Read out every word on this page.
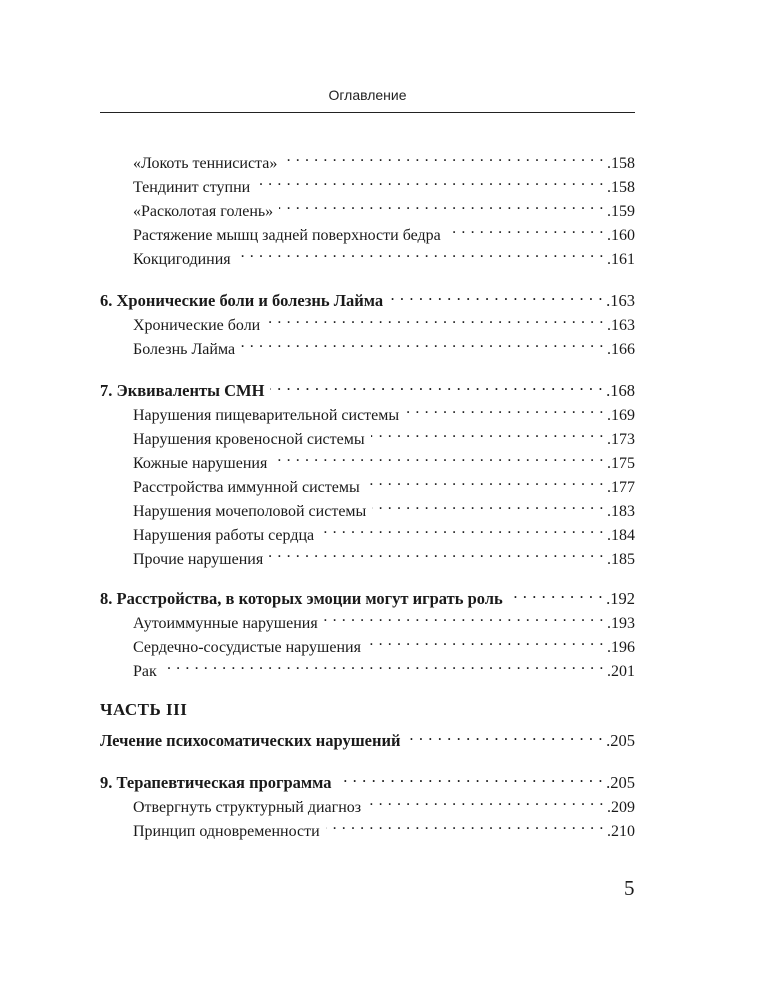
Оглавление
«Локоть теннисиста» . . .	.158
Тендинит ступни . . .	.158
«Расколотая голень» . . .	.159
Растяжение мышц задней поверхности бедра . . .	.160
Кокцигодиния . . .	.161
6. Хронические боли и болезнь Лайма . . .	.163
Хронические боли . . .	.163
Болезнь Лайма . . .	.166
7. Эквиваленты СМН . . .	.168
Нарушения пищеварительной системы . . .	.169
Нарушения кровеносной системы . . .	.173
Кожные нарушения . . .	.175
Расстройства иммунной системы . . .	.177
Нарушения мочеполовой системы . . .	.183
Нарушения работы сердца . . .	.184
Прочие нарушения . . .	.185
8. Расстройства, в которых эмоции могут играть роль . . .	.192
Аутоиммунные нарушения . . .	.193
Сердечно-сосудистые нарушения . . .	.196
Рак . . .	.201
ЧАСТЬ III
Лечение психосоматических нарушений . . .	.205
9. Терапевтическая программа . . .	.205
Отвергнуть структурный диагноз . . .	.209
Принцип одновременности . . .	.210
5
